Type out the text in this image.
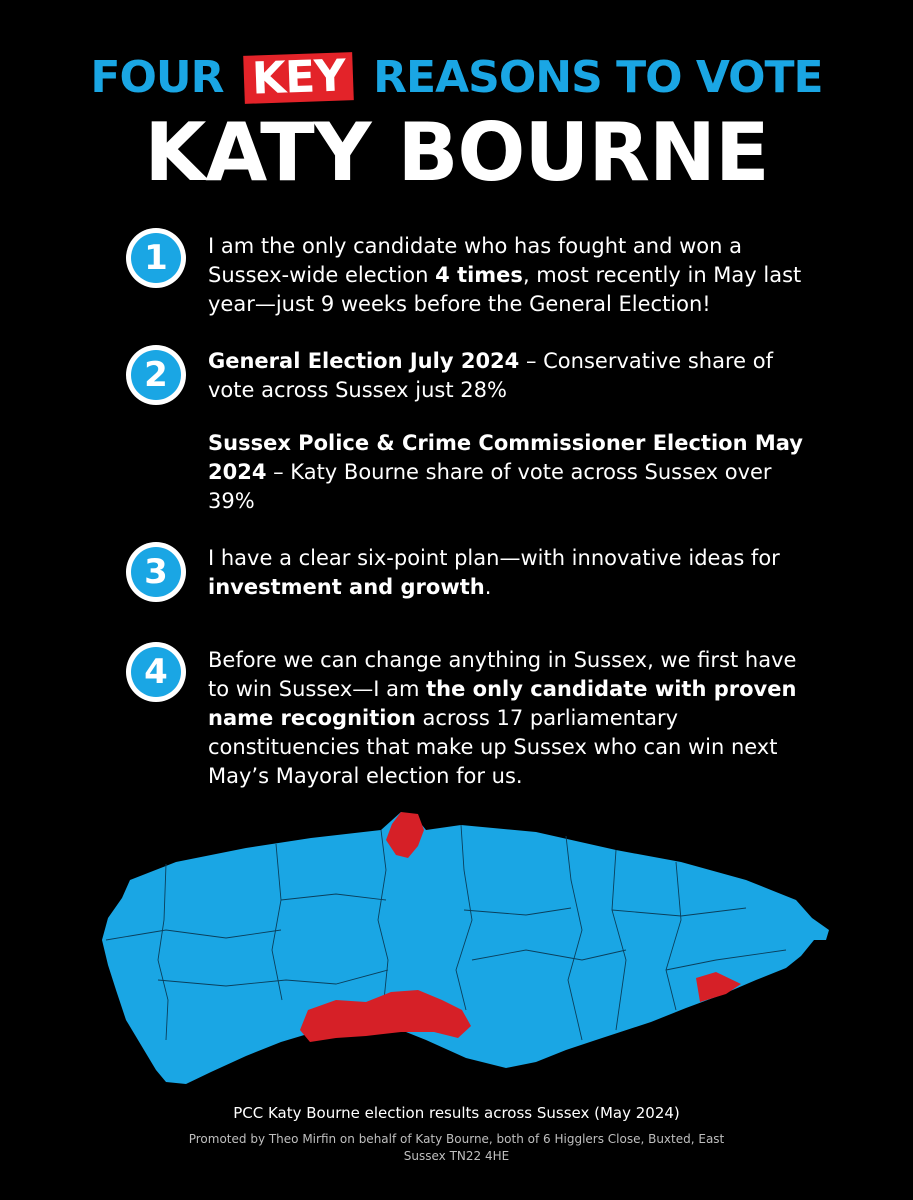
FOUR KEY REASONS TO VOTE
KATY BOURNE
1	I am the only candidate who has fought and won a Sussex-wide election 4 times, most recently in May last year—just 9 weeks before the General Election!
2	General Election July 2024 – Conservative share of vote across Sussex just 28%
Sussex Police & Crime Commissioner Election May 2024 – Katy Bourne share of vote across Sussex over 39%
3	I have a clear six-point plan—with innovative ideas for investment and growth.
4	Before we can change anything in Sussex, we first have to win Sussex—I am the only candidate with proven name recognition across 17 parliamentary constituencies that make up Sussex who can win next May’s Mayoral election for us.
PCC Katy Bourne election results across Sussex (May 2024)
Promoted by Theo Mirfin on behalf of Katy Bourne, both of 6 Higglers Close, Buxted, East Sussex TN22 4HE
